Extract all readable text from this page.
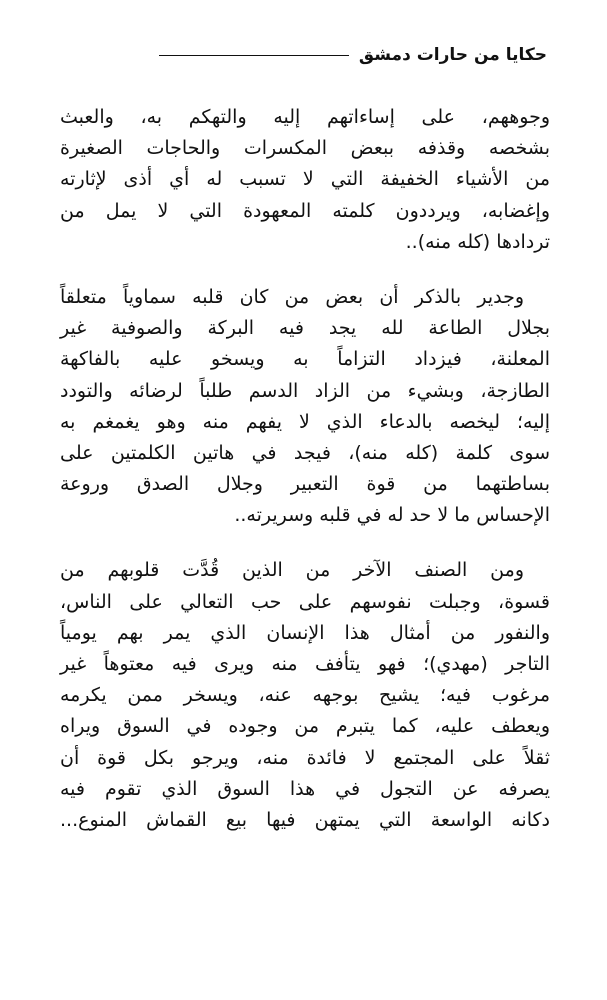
حكايا من حارات دمشق
وجوههم، على إساءاتهم إليه والتهكم به، والعبث
بشخصه وقذفه ببعض المكسرات والحاجات الصغيرة
من الأشياء الخفيفة التي لا تسبب له أي أذى لإثارته
وإغضابه، ويرددون كلمته المعهودة التي لا يمل من
تردادها (كله منه)..
وجدير بالذكر أن بعض من كان قلبه سماوياً متعلقاً
بجلال الطاعة لله يجد فيه البركة والصوفية غير
المعلنة، فيزداد التزاماً به ويسخو عليه بالفاكهة
الطازجة، وبشيء من الزاد الدسم طلباً لرضائه والتودد
إليه؛ ليخصه بالدعاء الذي لا يفهم منه وهو يغمغم به
سوى كلمة (كله منه)، فيجد في هاتين الكلمتين على
بساطتهما من قوة التعبير وجلال الصدق وروعة
الإحساس ما لا حد له في قلبه وسريرته..
ومن الصنف الآخر من الذين قُدَّت قلوبهم من
قسوة، وجبلت نفوسهم على حب التعالي على الناس،
والنفور من أمثال هذا الإنسان الذي يمر بهم يومياً
التاجر (مهدي)؛ فهو يتأفف منه ويرى فيه معتوهاً غير
مرغوب فيه؛ يشيح بوجهه عنه، ويسخر ممن يكرمه
ويعطف عليه، كما يتبرم من وجوده في السوق ويراه
ثقلاً على المجتمع لا فائدة منه، ويرجو بكل قوة أن
يصرفه عن التجول في هذا السوق الذي تقوم فيه
دكانه الواسعة التي يمتهن فيها بيع القماش المنوع...
